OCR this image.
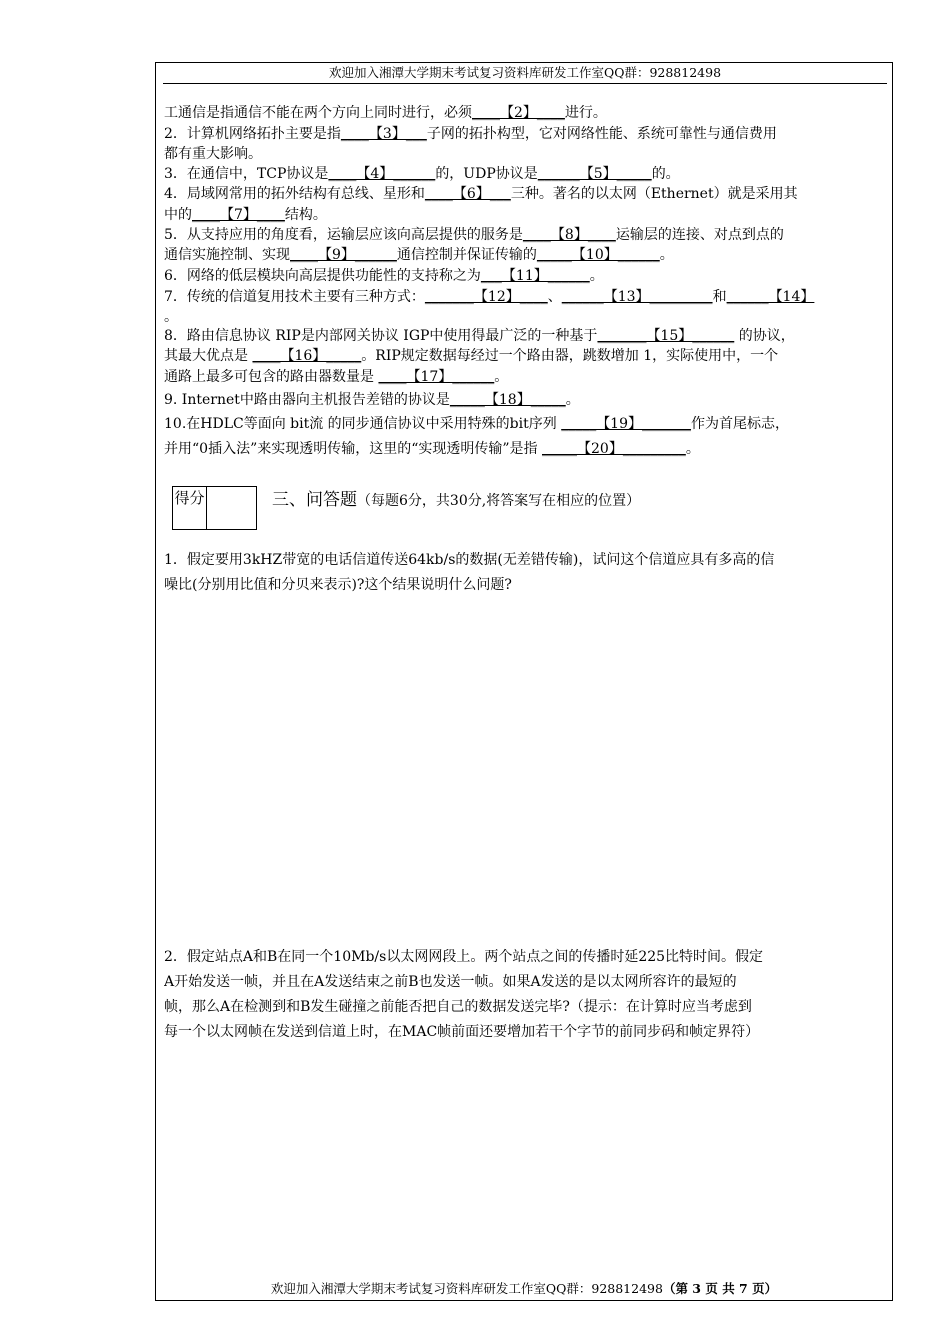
欢迎加入湘潭大学期末考试复习资料库研发工作室QQ群：928812498
工通信是指通信不能在两个方向上同时进行，必须____【2】____进行。
2．计算机网络拓扑主要是指____【3】___子网的拓扑构型，它对网络性能、系统可靠性与通信费用
都有重大影响。
3．在通信中，TCP协议是____【4】______的，UDP协议是______【5】_____的。
4．局域网常用的拓外结构有总线、星形和____【6】___三种。著名的以太网（Ethernet）就是采用其
中的____【7】____结构。
5．从支持应用的角度看，运输层应该向高层提供的服务是____【8】____运输层的连接、对点到点的
通信实施控制、实现____【9】______通信控制并保证传输的_____【10】______。
6．网络的低层模块向高层提供功能性的支持称之为___【11】______。
7．传统的信道复用技术主要有三种方式：_______【12】____、______【13】_________和______【14】
。
8．路由信息协议 RIP是内部网关协议 IGP中使用得最广泛的一种基于_______【15】______ 的协议，
其最大优点是 ____【16】_____。RIP规定数据每经过一个路由器，跳数增加 1，实际使用中，一个
通路上最多可包含的路由器数量是 ____【17】______。
9. Internet中路由器向主机报告差错的协议是_____【18】_____。
10.在HDLC等面向 bit流 的同步通信协议中采用特殊的bit序列 _____【19】_______作为首尾标志，
并用“0插入法”来实现透明传输，这里的“实现透明传输”是指 _____【20】_________。
得分	三、问答题（每题6分，共30分,将答案写在相应的位置）
1．假定要用3kHZ带宽的电话信道传送64kb/s的数据(无差错传输)，试问这个信道应具有多高的信
噪比(分别用比值和分贝来表示)?这个结果说明什么问题?
2．假定站点A和B在同一个10Mb/s以太网网段上。两个站点之间的传播时延225比特时间。假定
A开始发送一帧，并且在A发送结束之前B也发送一帧。如果A发送的是以太网所容许的最短的
帧，那么A在检测到和B发生碰撞之前能否把自己的数据发送完毕?（提示：在计算时应当考虑到
每一个以太网帧在发送到信道上时，在MAC帧前面还要增加若干个字节的前同步码和帧定界符）
欢迎加入湘潭大学期末考试复习资料库研发工作室QQ群：928812498（第 3 页 共 7 页）
